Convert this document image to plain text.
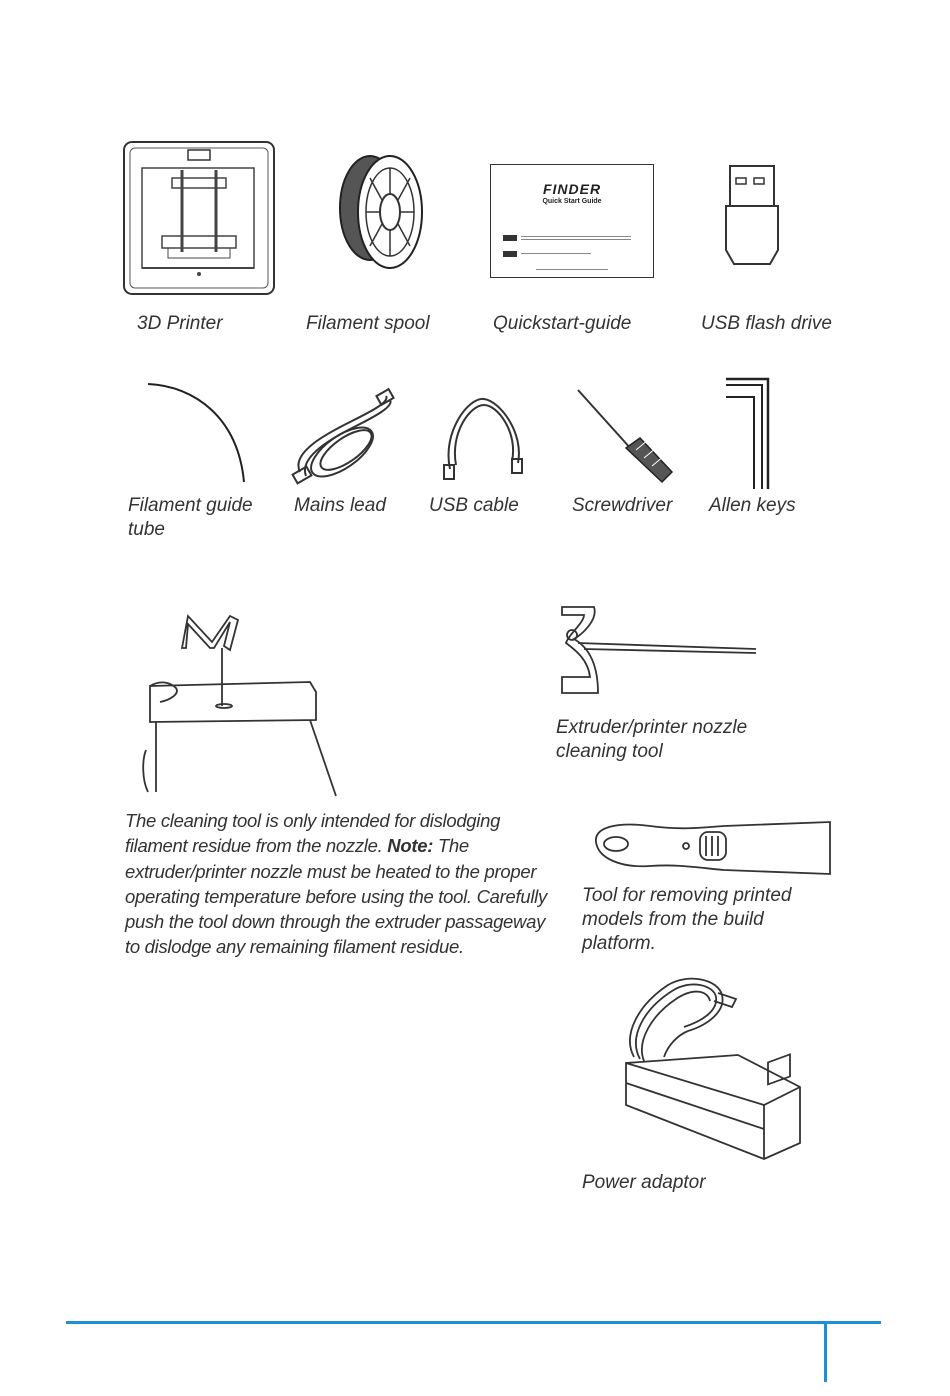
FINDER
Quick Start Guide
3D Printer	Filament spool	Quickstart-guide	USB flash drive
Filament guide
tube
Mains lead USB cable	Screwdriver Allen keys
Extruder/printer nozzle
cleaning tool
The cleaning tool is only intended for dislodging filament residue from the nozzle. Note: The extruder/printer nozzle must be heated to the proper operating temperature before using the tool. Carefully push the tool down through the extruder passageway to dislodge any remaining filament residue.
Tool for removing printed
models from the build
platform.
Power adaptor
